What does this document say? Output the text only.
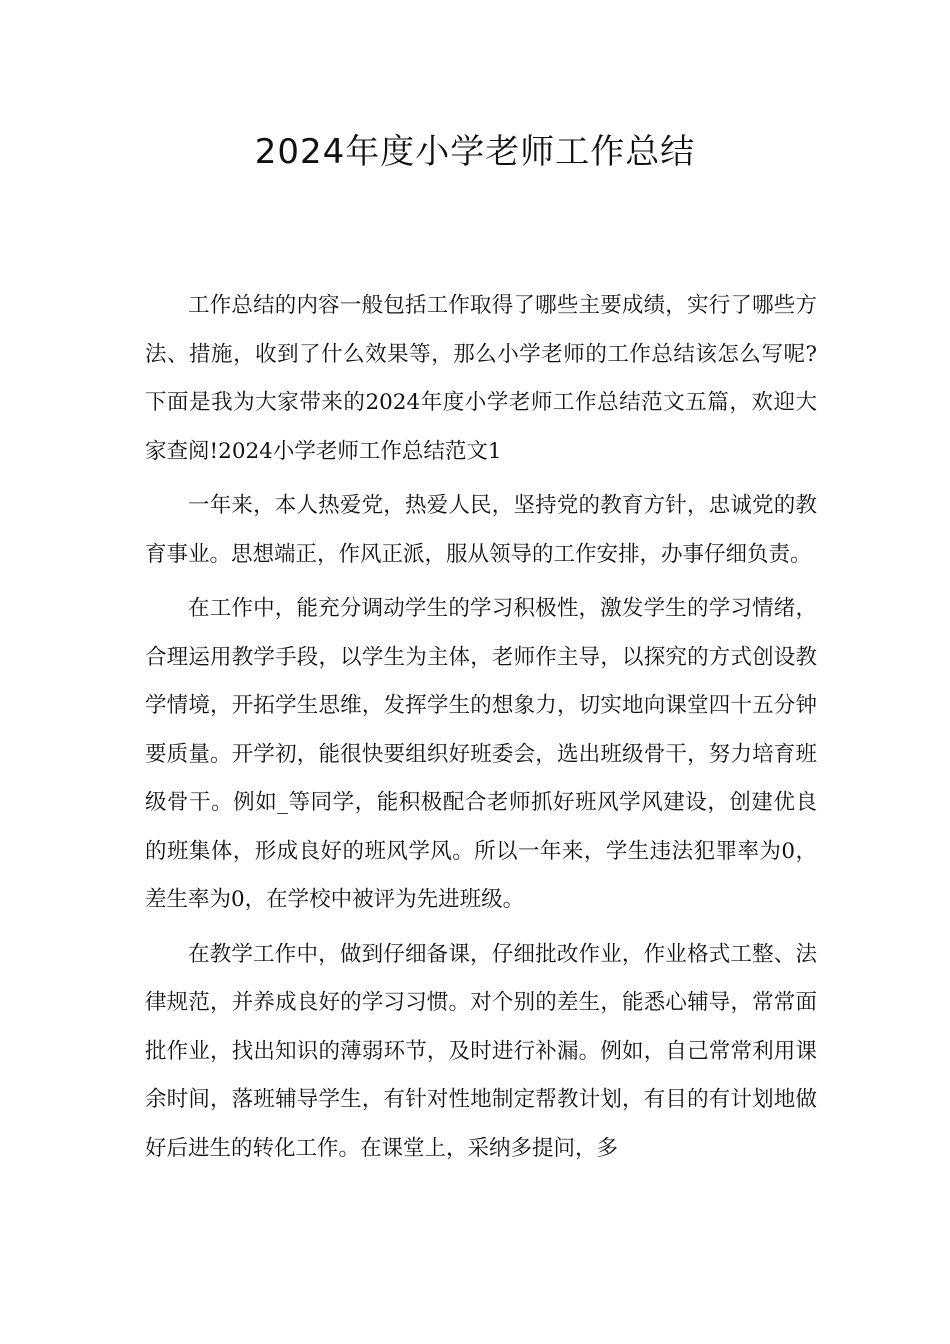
2024年度小学老师工作总结

工作总结的内容一般包括工作取得了哪些主要成绩，实行了哪些方法、措施，收到了什么效果等，那么小学老师的工作总结该怎么写呢?下面是我为大家带来的2024年度小学老师工作总结范文五篇，欢迎大家查阅!2024小学老师工作总结范文1

一年来，本人热爱党，热爱人民，坚持党的教育方针，忠诚党的教育事业。思想端正，作风正派，服从领导的工作安排，办事仔细负责。

在工作中，能充分调动学生的学习积极性，激发学生的学习情绪，合理运用教学手段，以学生为主体，老师作主导，以探究的方式创设教学情境，开拓学生思维，发挥学生的想象力，切实地向课堂四十五分钟要质量。开学初，能很快要组织好班委会，选出班级骨干，努力培育班级骨干。例如_等同学，能积极配合老师抓好班风学风建设，创建优良的班集体，形成良好的班风学风。所以一年来，学生违法犯罪率为0，差生率为0，在学校中被评为先进班级。

在教学工作中，做到仔细备课，仔细批改作业，作业格式工整、法律规范，并养成良好的学习习惯。对个别的差生，能悉心辅导，常常面批作业，找出知识的薄弱环节，及时进行补漏。例如，自己常常利用课余时间，落班辅导学生，有针对性地制定帮教计划，有目的有计划地做好后进生的转化工作。在课堂上，采纳多提问，多
